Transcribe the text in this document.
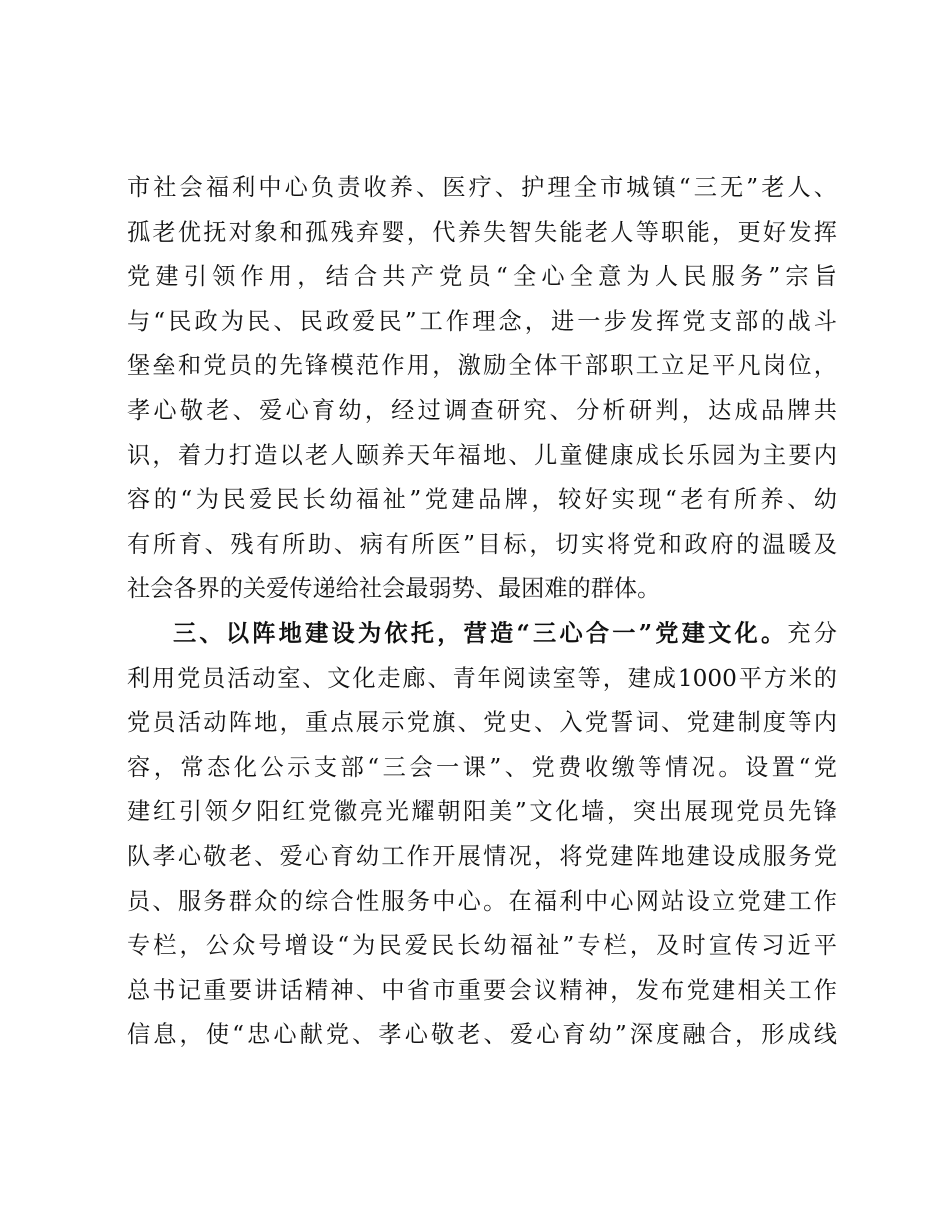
市社会福利中心负责收养、医疗、护理全市城镇“三无”老人、
孤老优抚对象和孤残弃婴，代养失智失能老人等职能，更好发挥
党建引领作用，结合共产党员“全心全意为人民服务”宗旨
与“民政为民、民政爱民”工作理念，进一步发挥党支部的战斗
堡垒和党员的先锋模范作用，激励全体干部职工立足平凡岗位，
孝心敬老、爱心育幼，经过调查研究、分析研判，达成品牌共
识，着力打造以老人颐养天年福地、儿童健康成长乐园为主要内
容的“为民爱民长幼福祉”党建品牌，较好实现“老有所养、幼
有所育、残有所助、病有所医”目标，切实将党和政府的温暖及
社会各界的关爱传递给社会最弱势、最困难的群体。
三、以阵地建设为依托，营造“三心合一”党建文化。充分
利用党员活动室、文化走廊、青年阅读室等，建成1000平方米的
党员活动阵地，重点展示党旗、党史、入党誓词、党建制度等内
容，常态化公示支部“三会一课”、党费收缴等情况。设置“党
建红引领夕阳红党徽亮光耀朝阳美”文化墙，突出展现党员先锋
队孝心敬老、爱心育幼工作开展情况，将党建阵地建设成服务党
员、服务群众的综合性服务中心。在福利中心网站设立党建工作
专栏，公众号增设“为民爱民长幼福祉”专栏，及时宣传习近平
总书记重要讲话精神、中省市重要会议精神，发布党建相关工作
信息，使“忠心献党、孝心敬老、爱心育幼”深度融合，形成线
